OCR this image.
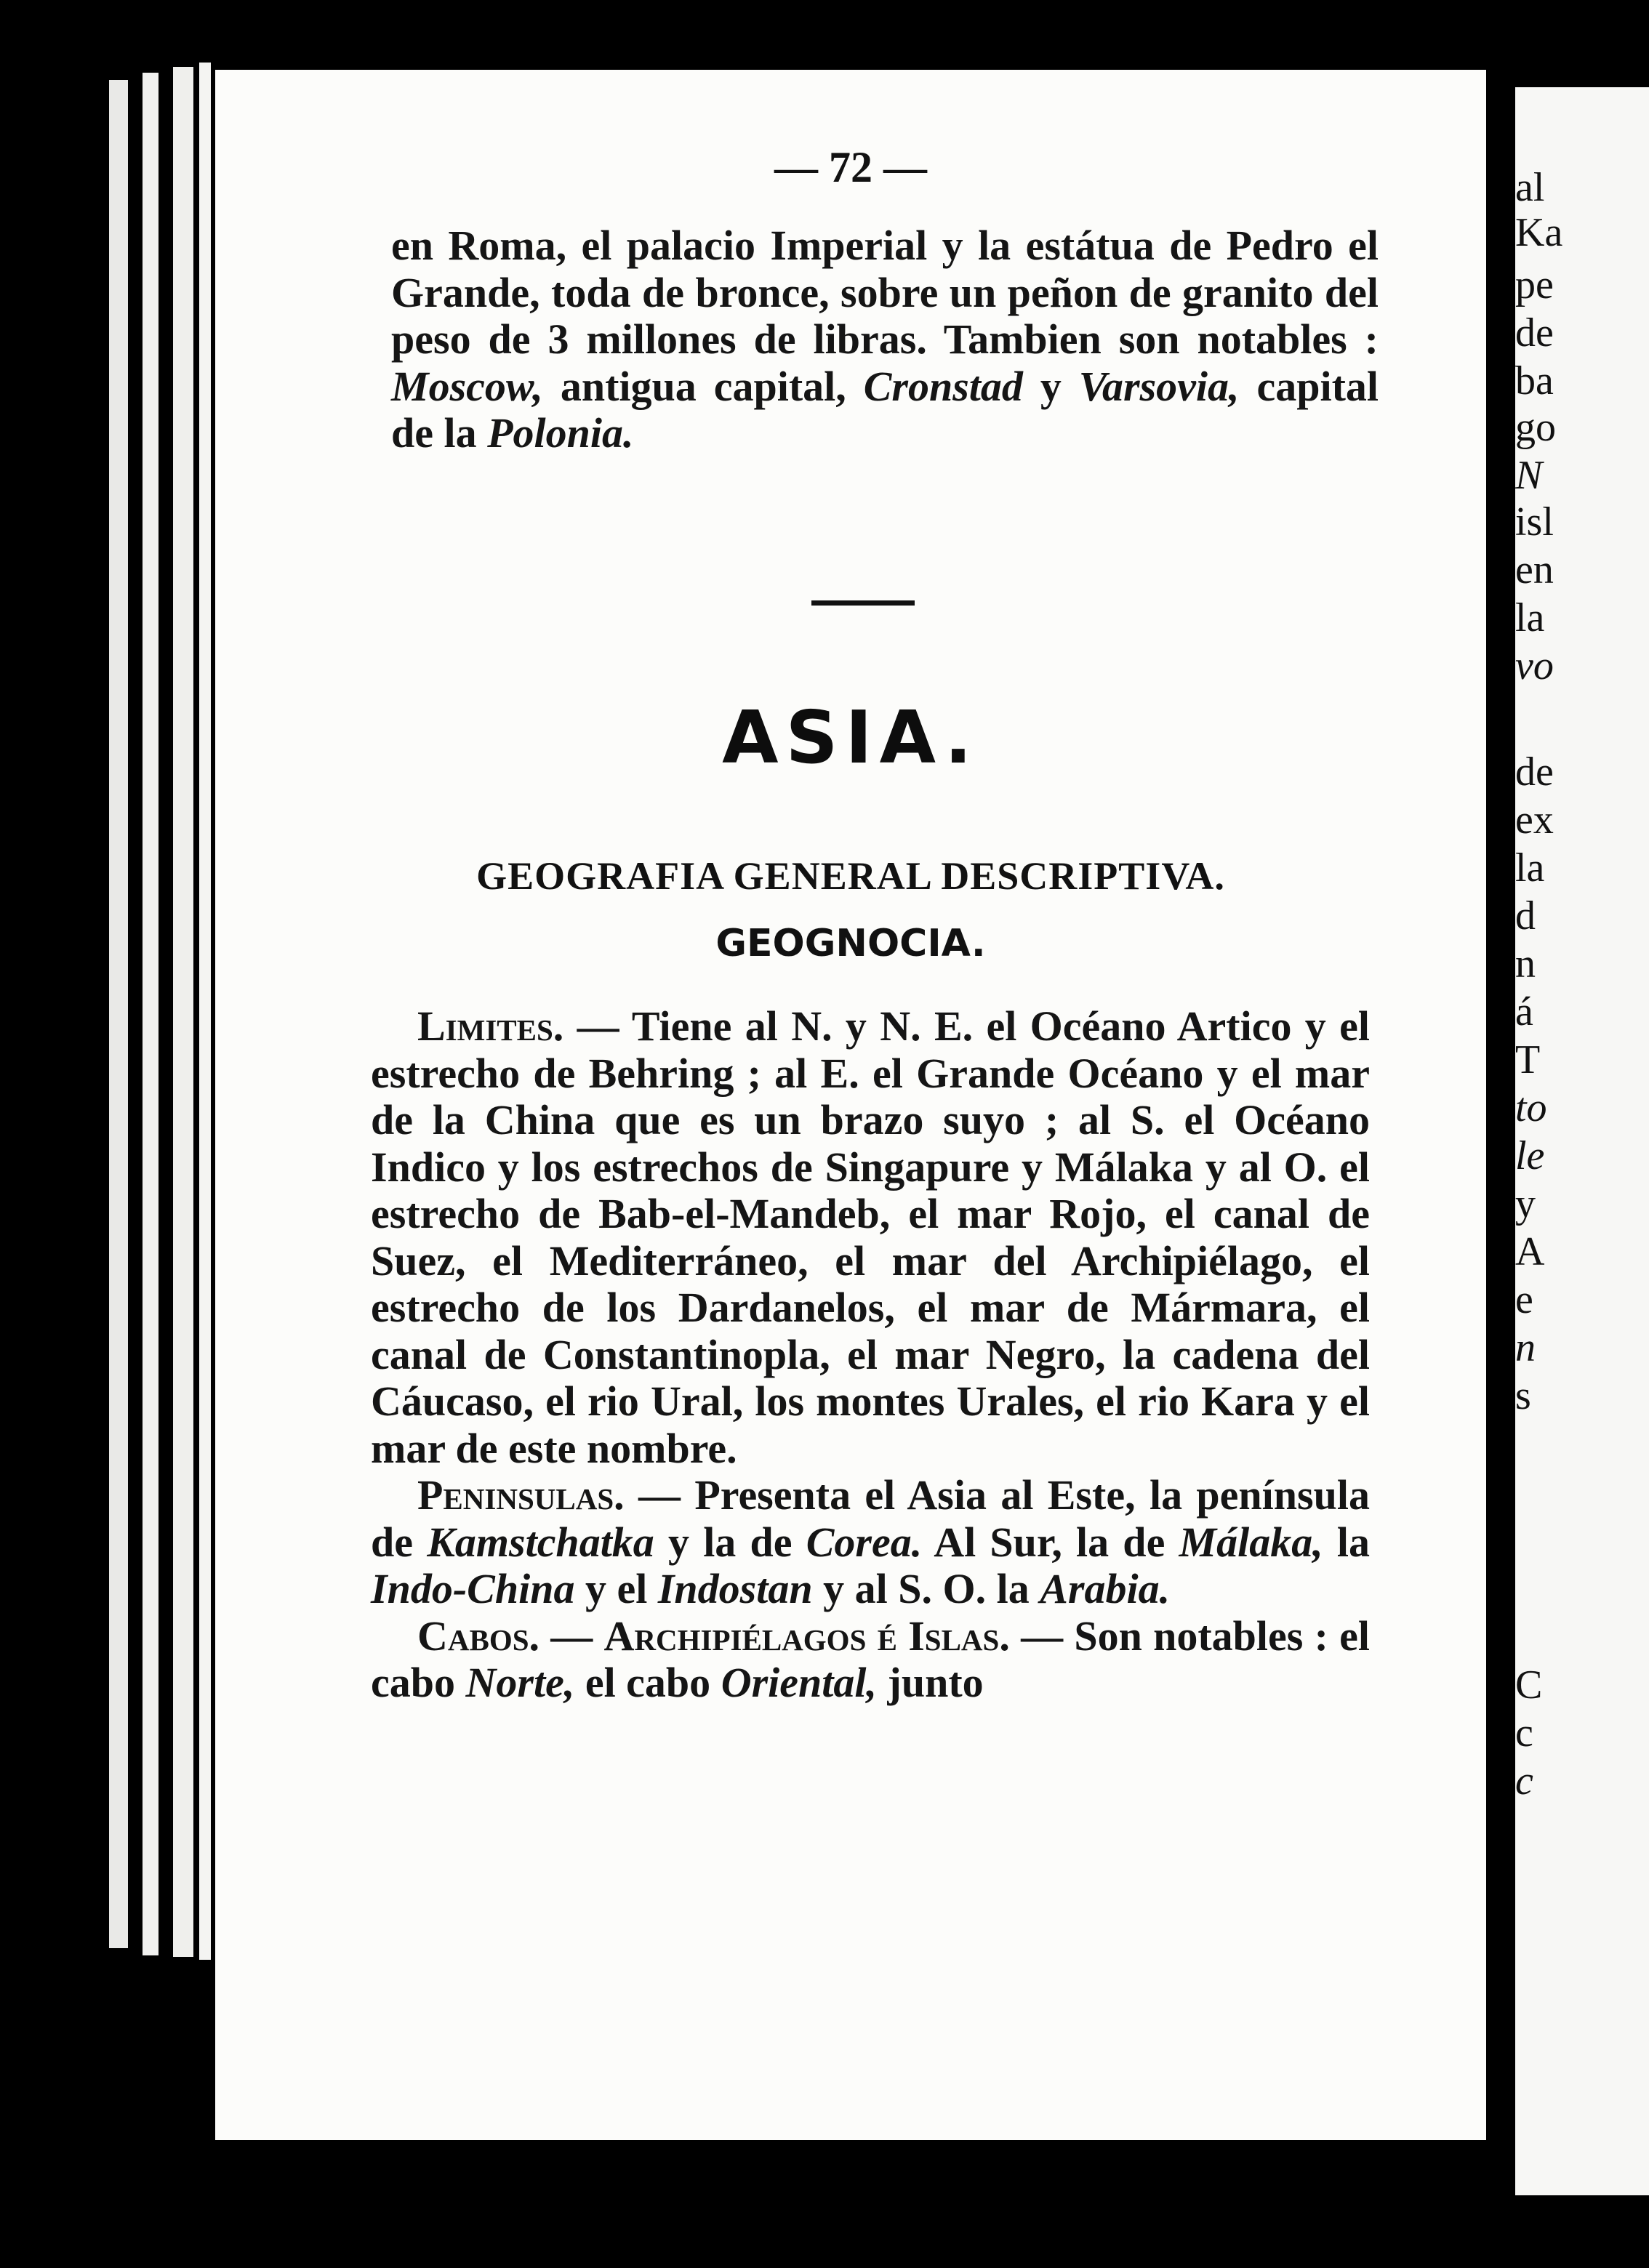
— 72 —

en Roma, el palacio Imperial y la estátua de Pedro el Grande, toda de bronce, sobre un peñon de granito del peso de 3 millones de libras. Tambien son notables : Moscow, antigua capital, Cronstad y Varsovia, capital de la Polonia.

ASIA.
GEOGRAFIA GENERAL DESCRIPTIVA.
GEOGNOCIA.

Limites. — Tiene al N. y N. E. el Océano Artico y el estrecho de Behring ; al E. el Grande Océano y el mar de la China que es un brazo suyo ; al S. el Océano Indico y los estrechos de Singapure y Málaka y al O. el estrecho de Bab-el-Mandeb, el mar Rojo, el canal de Suez, el Mediterráneo, el mar del Archipiélago, el estrecho de los Dardanelos, el mar de Mármara, el canal de Constantinopla, el mar Negro, la cadena del Cáucaso, el rio Ural, los montes Urales, el rio Kara y el mar de este nombre.

Peninsulas. — Presenta el Asia al Este, la península de Kamstchatka y la de Corea. Al Sur, la de Málaka, la Indo-China y el Indostan y al S. O. la Arabia.

Cabos. — Archipiélagos é Islas. — Son notables : el cabo Norte, el cabo Oriental, junto

al
Ka
pe
de
ba
go
N
isl
en
la
vo
de
ex
la
d
n
á
T
to
le
y
A
e
n
s
C
c
c
